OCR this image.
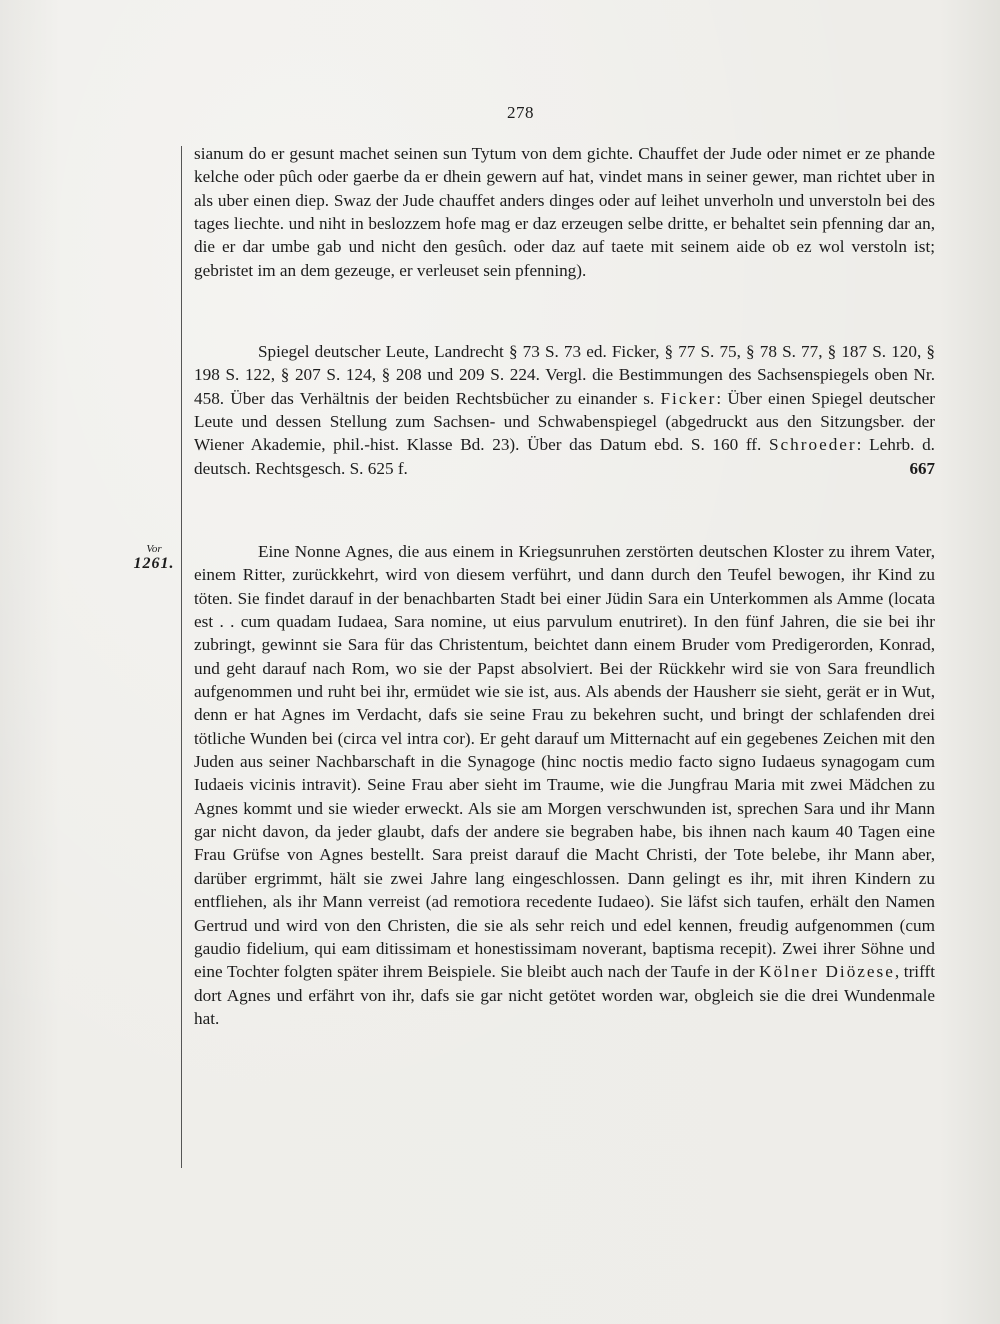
278
Vor
1261.

sianum do er gesunt machet seinen sun Tytum von dem gichte. Chauffet der Jude oder nimet er ze phande kelche oder pûch oder gaerbe da er dhein gewern auf hat, vindet mans in seiner gewer, man richtet uber in als uber einen diep. Swaz der Jude chauffet anders dinges oder auf leihet unverholn und unverstoln bei des tages liechte. und niht in beslozzem hofe mag er daz erzeugen selbe dritte, er behaltet sein pfenning dar an, die er dar umbe gab und nicht den gesûch. oder daz auf taete mit seinem aide ob ez wol verstoln ist; gebristet im an dem gezeuge, er verleuset sein pfenning).

Spiegel deutscher Leute, Landrecht § 73 S. 73 ed. Ficker, § 77 S. 75, § 78 S. 77, § 187 S. 120, § 198 S. 122, § 207 S. 124, § 208 und 209 S. 224. Vergl. die Bestimmungen des Sachsenspiegels oben Nr. 458. Über das Verhältnis der beiden Rechtsbücher zu einander s. Ficker: Über einen Spiegel deutscher Leute und dessen Stellung zum Sachsen- und Schwabenspiegel (abgedruckt aus den Sitzungsber. der Wiener Akademie, phil.-hist. Klasse Bd. 23). Über das Datum ebd. S. 160 ff. Schroeder: Lehrb. d. deutsch. Rechtsgesch. S. 625 f.	667

Eine Nonne Agnes, die aus einem in Kriegsunruhen zerstörten deutschen Kloster zu ihrem Vater, einem Ritter, zurückkehrt, wird von diesem verführt, und dann durch den Teufel bewogen, ihr Kind zu töten. Sie findet darauf in der benachbarten Stadt bei einer Jüdin Sara ein Unterkommen als Amme (locata est . . cum quadam Iudaea, Sara nomine, ut eius parvulum enutriret). In den fünf Jahren, die sie bei ihr zubringt, gewinnt sie Sara für das Christentum, beichtet dann einem Bruder vom Predigerorden, Konrad, und geht darauf nach Rom, wo sie der Papst absolviert. Bei der Rückkehr wird sie von Sara freundlich aufgenommen und ruht bei ihr, ermüdet wie sie ist, aus. Als abends der Hausherr sie sieht, gerät er in Wut, denn er hat Agnes im Verdacht, dafs sie seine Frau zu bekehren sucht, und bringt der schlafenden drei tötliche Wunden bei (circa vel intra cor). Er geht darauf um Mitternacht auf ein gegebenes Zeichen mit den Juden aus seiner Nachbarschaft in die Synagoge (hinc noctis medio facto signo Iudaeus synagogam cum Iudaeis vicinis intravit). Seine Frau aber sieht im Traume, wie die Jungfrau Maria mit zwei Mädchen zu Agnes kommt und sie wieder erweckt. Als sie am Morgen verschwunden ist, sprechen Sara und ihr Mann gar nicht davon, da jeder glaubt, dafs der andere sie begraben habe, bis ihnen nach kaum 40 Tagen eine Frau Grüfse von Agnes bestellt. Sara preist darauf die Macht Christi, der Tote belebe, ihr Mann aber, darüber ergrimmt, hält sie zwei Jahre lang eingeschlossen. Dann gelingt es ihr, mit ihren Kindern zu entfliehen, als ihr Mann verreist (ad remotiora recedente Iudaeo). Sie läfst sich taufen, erhält den Namen Gertrud und wird von den Christen, die sie als sehr reich und edel kennen, freudig aufgenommen (cum gaudio fidelium, qui eam ditissimam et honestissimam noverant, baptisma recepit). Zwei ihrer Söhne und eine Tochter folgten später ihrem Beispiele. Sie bleibt auch nach der Taufe in der Kölner Diözese, trifft dort Agnes und erfährt von ihr, dafs sie gar nicht getötet worden war, obgleich sie die drei Wundenmale hat.
